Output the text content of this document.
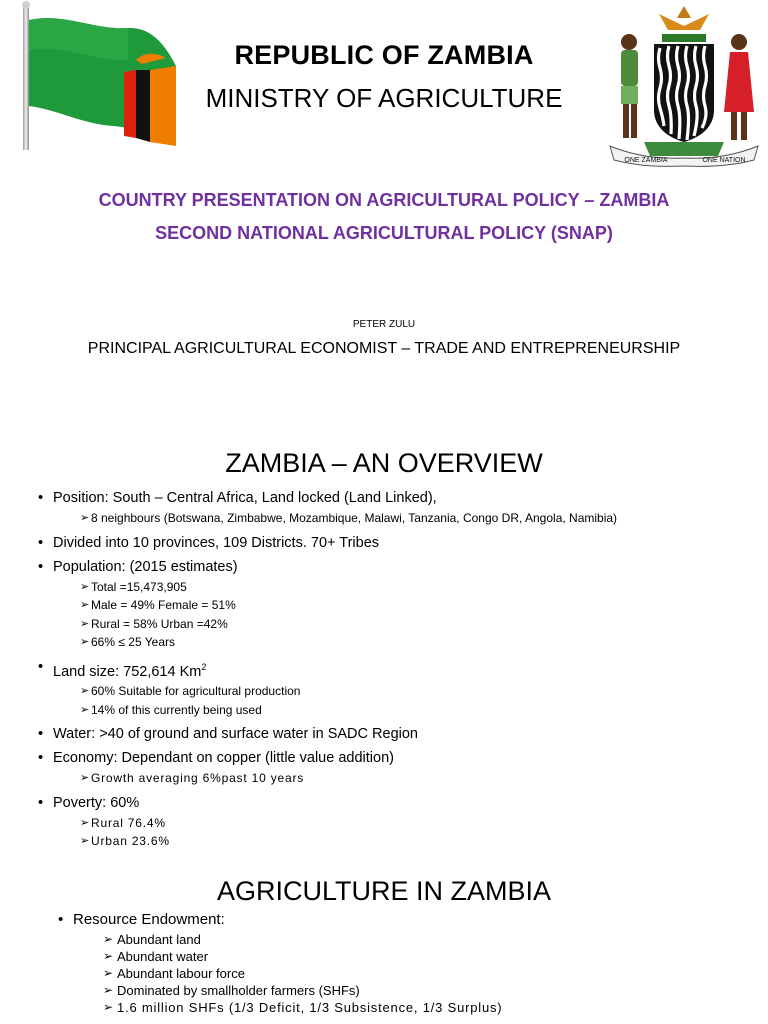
REPUBLIC OF ZAMBIA
MINISTRY OF AGRICULTURE
ONE ZAMBIA	ONE NATION
COUNTRY PRESENTATION ON AGRICULTURAL POLICY – ZAMBIA
SECOND NATIONAL AGRICULTURAL POLICY (SNAP)
PETER ZULU
PRINCIPAL AGRICULTURAL ECONOMIST – TRADE AND ENTREPRENEURSHIP
ZAMBIA – AN OVERVIEW
• Position: South – Central Africa, Land locked (Land Linked),
➢ 8 neighbours (Botswana, Zimbabwe, Mozambique, Malawi, Tanzania, Congo DR, Angola, Namibia)
• Divided into 10 provinces, 109 Districts. 70+ Tribes
• Population: (2015 estimates)
➢ Total =15,473,905
➢ Male = 49% Female = 51%
➢ Rural = 58% Urban =42%
➢ 66% ≤ 25 Years
• Land size: 752,614 Km$^2$
➢ 60% Suitable for agricultural production
➢ 14% of this currently being used
• Water: >40 of ground and surface water in SADC Region
• Economy: Dependant on copper (little value addition)
➢ Growth averaging 6%past 10 years
• Poverty: 60%
➢ Rural 76.4%
➢ Urban 23.6%
AGRICULTURE IN ZAMBIA
• Resource Endowment:
➢ Abundant land
➢ Abundant water
➢ Abundant labour force
➢ Dominated by smallholder farmers (SHFs)
➢ 1.6 million SHFs (1/3 Deficit, 1/3 Subsistence, 1/3 Surplus)
